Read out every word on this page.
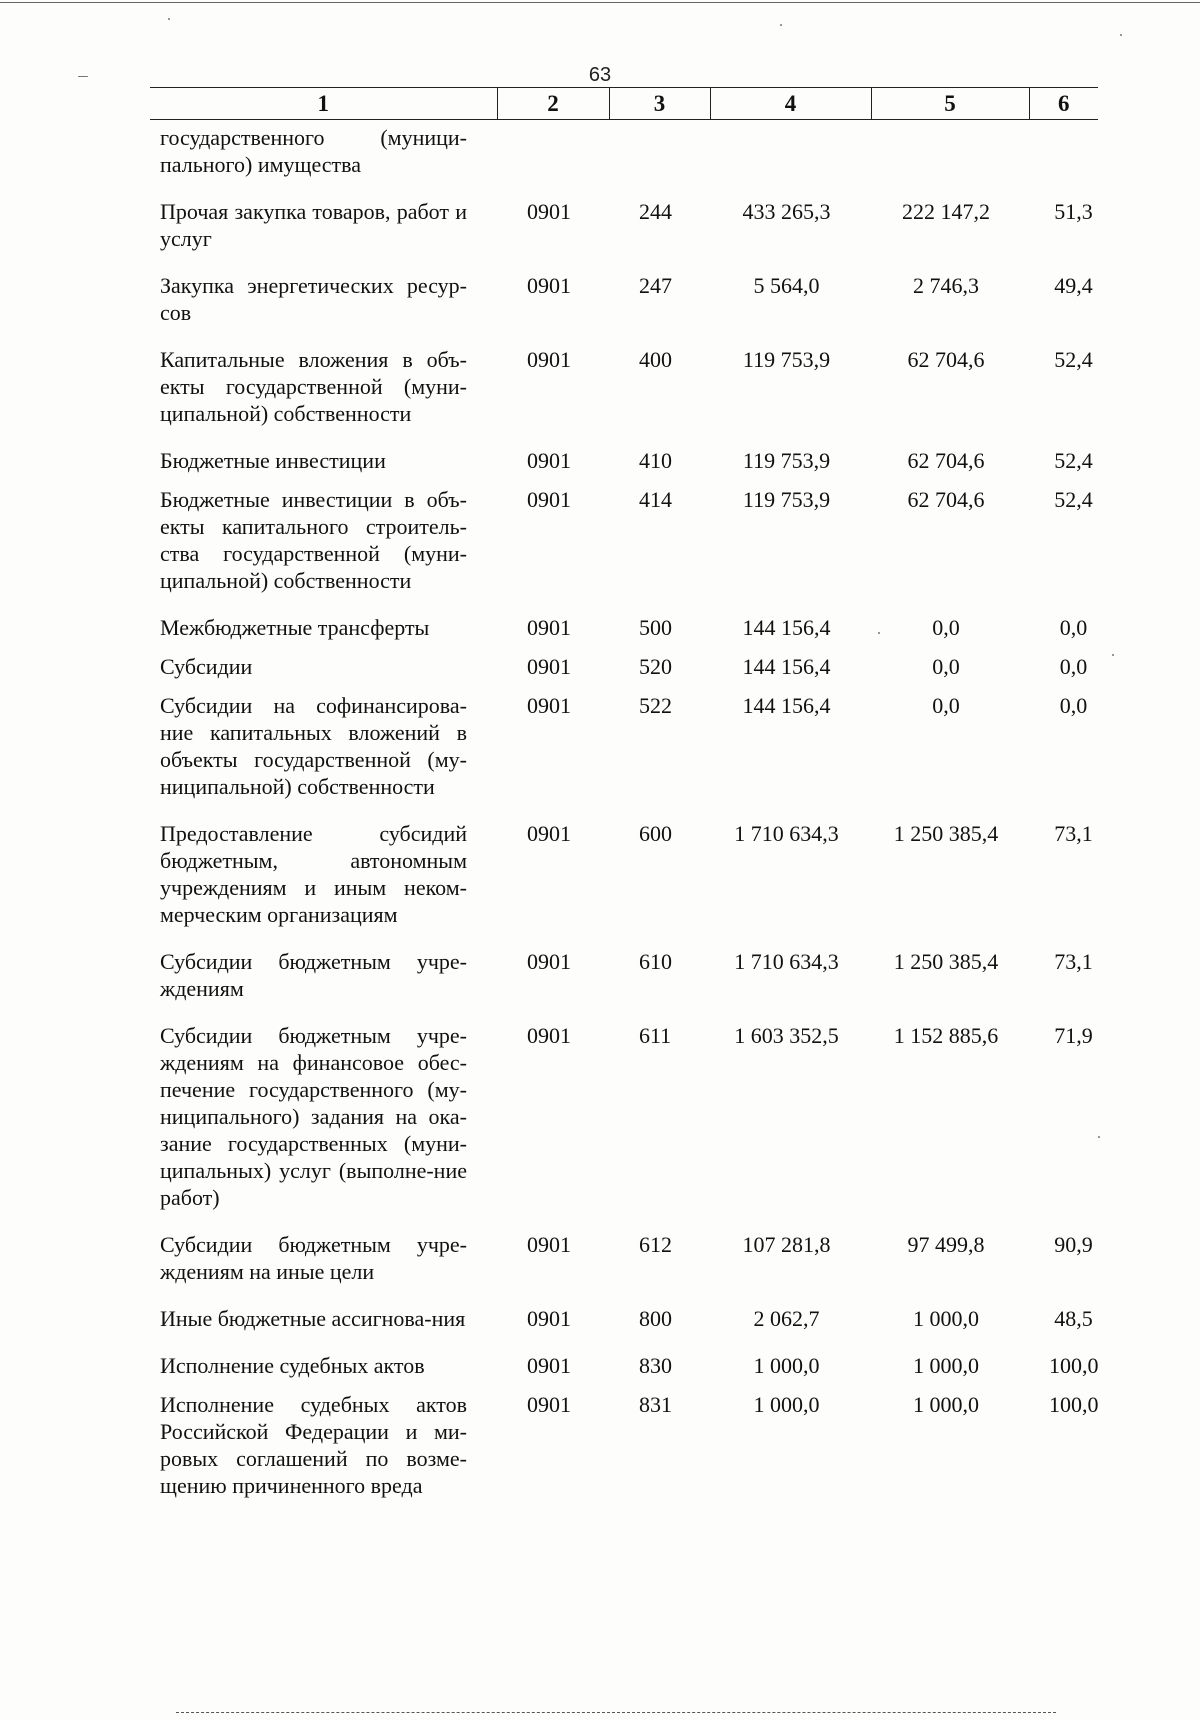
63
1	2	3	4	5	6
государственного (муници-пального) имущества					
Прочая закупка товаров, работ и услуг	0901	244	433 265,3	222 147,2	51,3
Закупка энергетических ресур-сов	0901	247	5 564,0	2 746,3	49,4
Капитальные вложения в объ-екты государственной (муни-ципальной) собственности	0901	400	119 753,9	62 704,6	52,4
Бюджетные инвестиции	0901	410	119 753,9	62 704,6	52,4
Бюджетные инвестиции в объ-екты капитального строитель-ства государственной (муни-ципальной) собственности	0901	414	119 753,9	62 704,6	52,4
Межбюджетные трансферты	0901	500	144 156,4	0,0	0,0
Субсидии	0901	520	144 156,4	0,0	0,0
Субсидии на софинансирова-ние капитальных вложений в объекты государственной (му-ниципальной) собственности	0901	522	144 156,4	0,0	0,0
Предоставление субсидий бюджетным, автономным учреждениям и иным неком-мерческим организациям	0901	600	1 710 634,3	1 250 385,4	73,1
Субсидии бюджетным учре-ждениям	0901	610	1 710 634,3	1 250 385,4	73,1
Субсидии бюджетным учре-ждениям на финансовое обес-печение государственного (му-ниципального) задания на ока-зание государственных (муни-ципальных) услуг (выполне-ние работ)	0901	611	1 603 352,5	1 152 885,6	71,9
Субсидии бюджетным учре-ждениям на иные цели	0901	612	107 281,8	97 499,8	90,9
Иные бюджетные ассигнова-ния	0901	800	2 062,7	1 000,0	48,5
Исполнение судебных актов	0901	830	1 000,0	1 000,0	100,0
Исполнение судебных актов Российской Федерации и ми-ровых соглашений по возме-щению причиненного вреда	0901	831	1 000,0	1 000,0	100,0
